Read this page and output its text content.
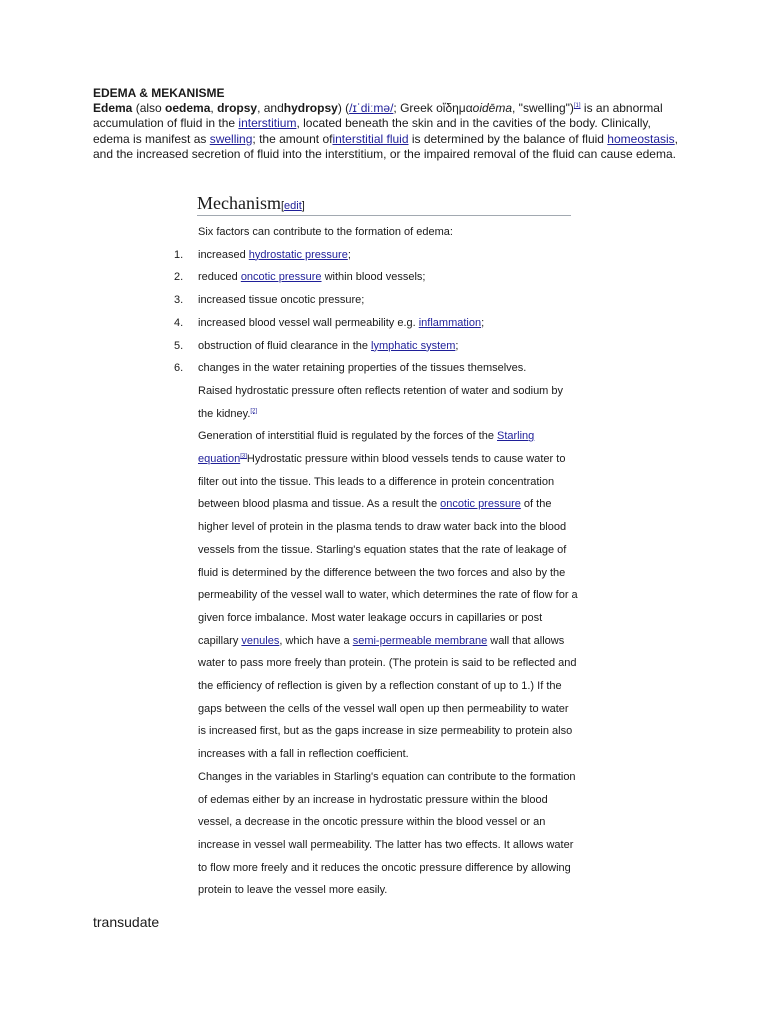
EDEMA & MEKANISME
Edema (also oedema, dropsy, andhydropsy) (/ɪˈdiːmə/; Greek οἴδημαoidēma, "swelling")[1] is an abnormal accumulation of fluid in the interstitium, located beneath the skin and in the cavities of the body. Clinically, edema is manifest as swelling; the amount ofinterstitial fluid is determined by the balance of fluid homeostasis, and the increased secretion of fluid into the interstitium, or the impaired removal of the fluid can cause edema.
Mechanism[edit]

Six factors can contribute to the formation of edema:

1. increased hydrostatic pressure;
2. reduced oncotic pressure within blood vessels;
3. increased tissue oncotic pressure;
4. increased blood vessel wall permeability e.g. inflammation;
5. obstruction of fluid clearance in the lymphatic system;
6. changes in the water retaining properties of the tissues themselves.

Raised hydrostatic pressure often reflects retention of water and sodium by the kidney.[2]

Generation of interstitial fluid is regulated by the forces of the Starling equation[3]Hydrostatic pressure within blood vessels tends to cause water to filter out into the tissue. This leads to a difference in protein concentration between blood plasma and tissue. As a result the oncotic pressure of the higher level of protein in the plasma tends to draw water back into the blood vessels from the tissue. Starling's equation states that the rate of leakage of fluid is determined by the difference between the two forces and also by the permeability of the vessel wall to water, which determines the rate of flow for a given force imbalance. Most water leakage occurs in capillaries or post capillary venules, which have a semi-permeable membrane wall that allows water to pass more freely than protein. (The protein is said to be reflected and the efficiency of reflection is given by a reflection constant of up to 1.) If the gaps between the cells of the vessel wall open up then permeability to water is increased first, but as the gaps increase in size permeability to protein also increases with a fall in reflection coefficient.

Changes in the variables in Starling's equation can contribute to the formation of edemas either by an increase in hydrostatic pressure within the blood vessel, a decrease in the oncotic pressure within the blood vessel or an increase in vessel wall permeability. The latter has two effects. It allows water to flow more freely and it reduces the oncotic pressure difference by allowing protein to leave the vessel more easily.

transudate
